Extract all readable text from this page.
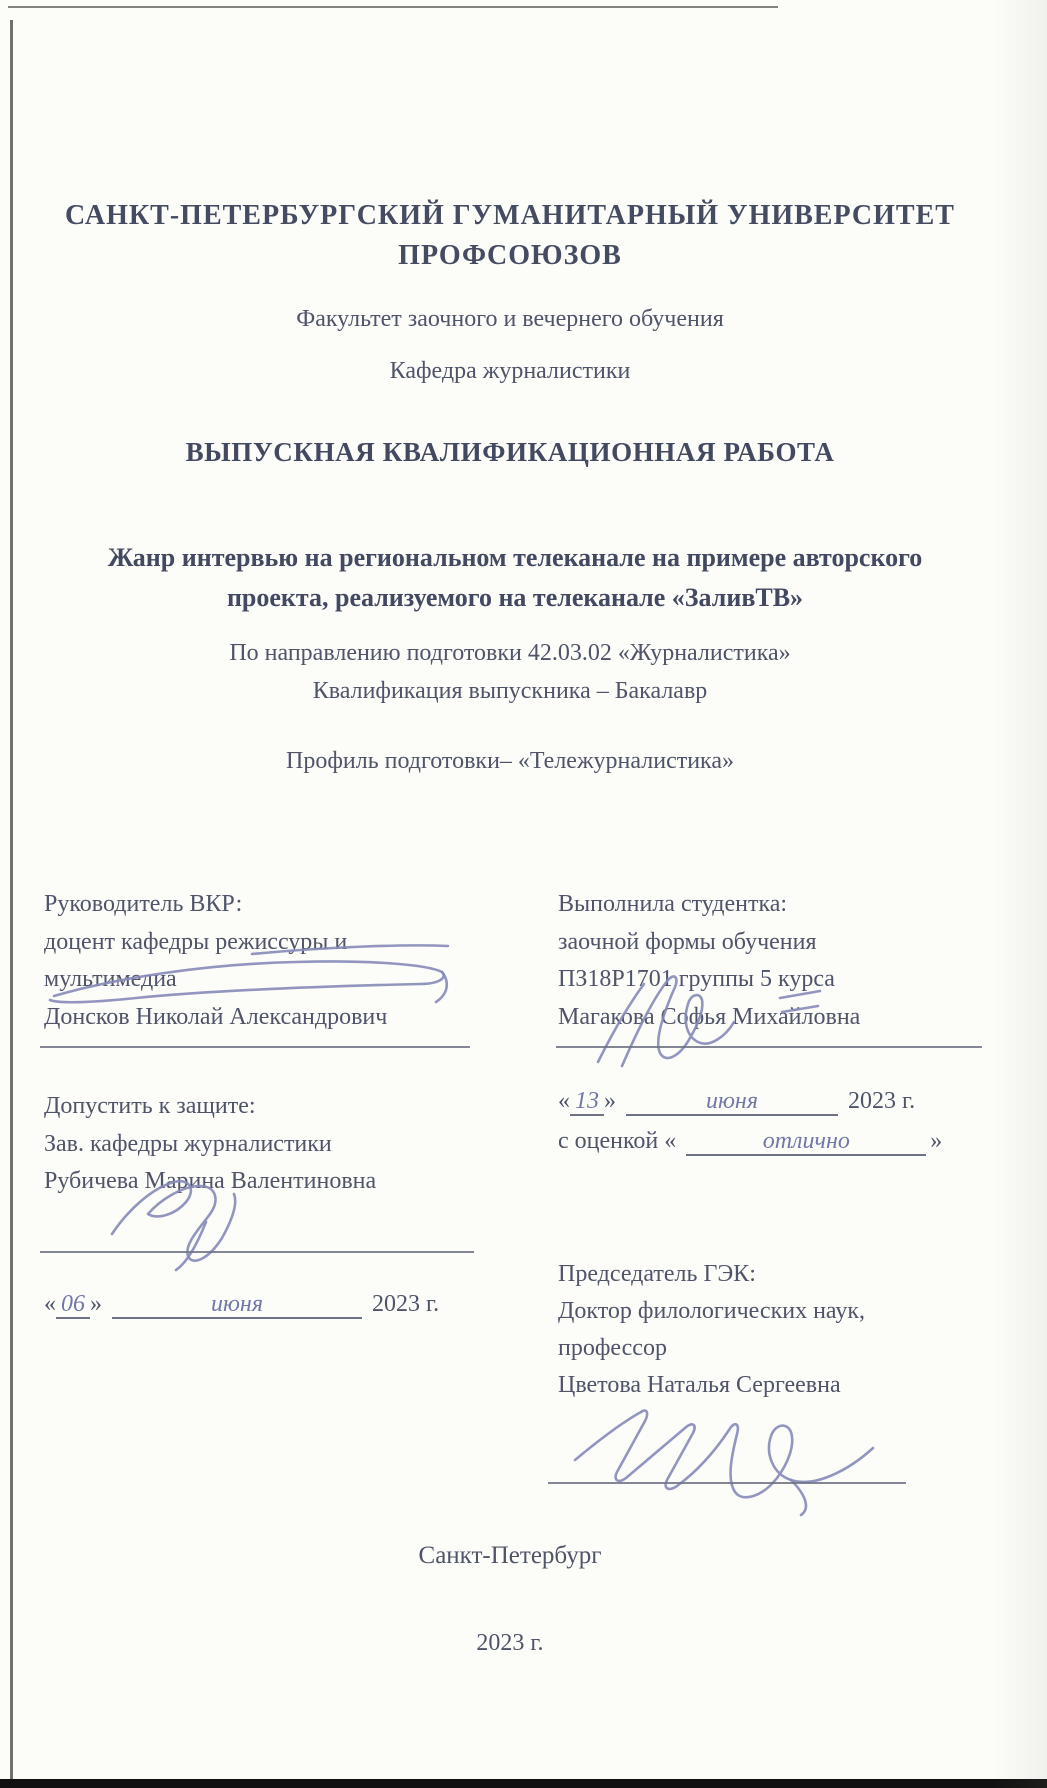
САНКТ-ПЕТЕРБУРГСКИЙ ГУМАНИТАРНЫЙ УНИВЕРСИТЕТ ПРОФСОЮЗОВ
Факультет заочного и вечернего обучения
Кафедра журналистики
ВЫПУСКНАЯ КВАЛИФИКАЦИОННАЯ РАБОТА
Жанр интервью на региональном телеканале на примере авторского проекта, реализуемого на телеканале «ЗаливТВ»
По направлению подготовки 42.03.02 «Журналистика»
Квалификация выпускника – Бакалавр
Профиль подготовки– «Тележурналистика»

Руководитель ВКР:

доцент кафедры режиссуры и

мультимедиа

Донсков Николай Александрович

Выполнила студентка:

заочной формы обучения

ПЗ18Р1701 группы 5 курса

Магакова Софья Михайловна

« 13 »	июня	2023 г.
с оценкой «	отлично	»

Допустить к защите:

Зав. кафедры журналистики

Рубичева Марина Валентиновна

« 06 »	июня	2023 г.

Председатель ГЭК:

Доктор филологических наук,

профессор

Цветова Наталья Сергеевна

Санкт-Петербург
2023 г.
